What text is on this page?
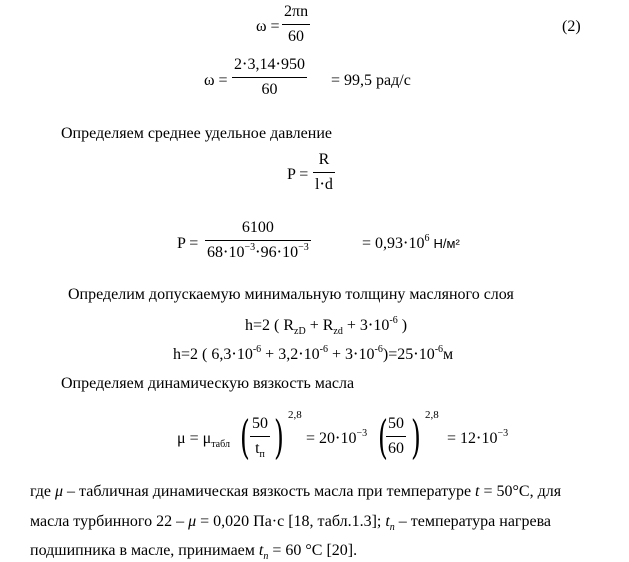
ω =
2πn
60
(2)
ω =
2⋅3,14⋅950
60
= 99,5 рад/с
Определяем среднее удельное давление
P =
R
l⋅d
P =
6100
$68\cdot 10^{-3}\cdot 96\cdot 10^{-3}$	= $0,93\cdot 10^6$ Н/м²
Определим допускаемую минимальную толщину масляного слоя
h=2 ( $R_{zD} + R_{zd} + 3\cdot 10^{-6}$ )
h=2 ( $6,3\cdot 10^{-6} + 3,2\cdot 10^{-6} + 3\cdot 10^{-6})=25\cdot 10^{-6}м$
Определяем динамическую вязкость масла
$\mu = \mu_{табл}$ ( 50
$t_п$ ) 2,8
= $20\cdot 10^{-3}$ ( 50
60 ) 2,8
= $12\cdot 10^{-3}$
где μ – табличная динамическая вязкость масла при температуре t = 50°С, для
масла турбинного 22 – μ = 0,020 Па·с [18, табл.1.3]; $t_п$ – температура нагрева
подшипника в масле, принимаем $t_п = 60$ °С [20].
